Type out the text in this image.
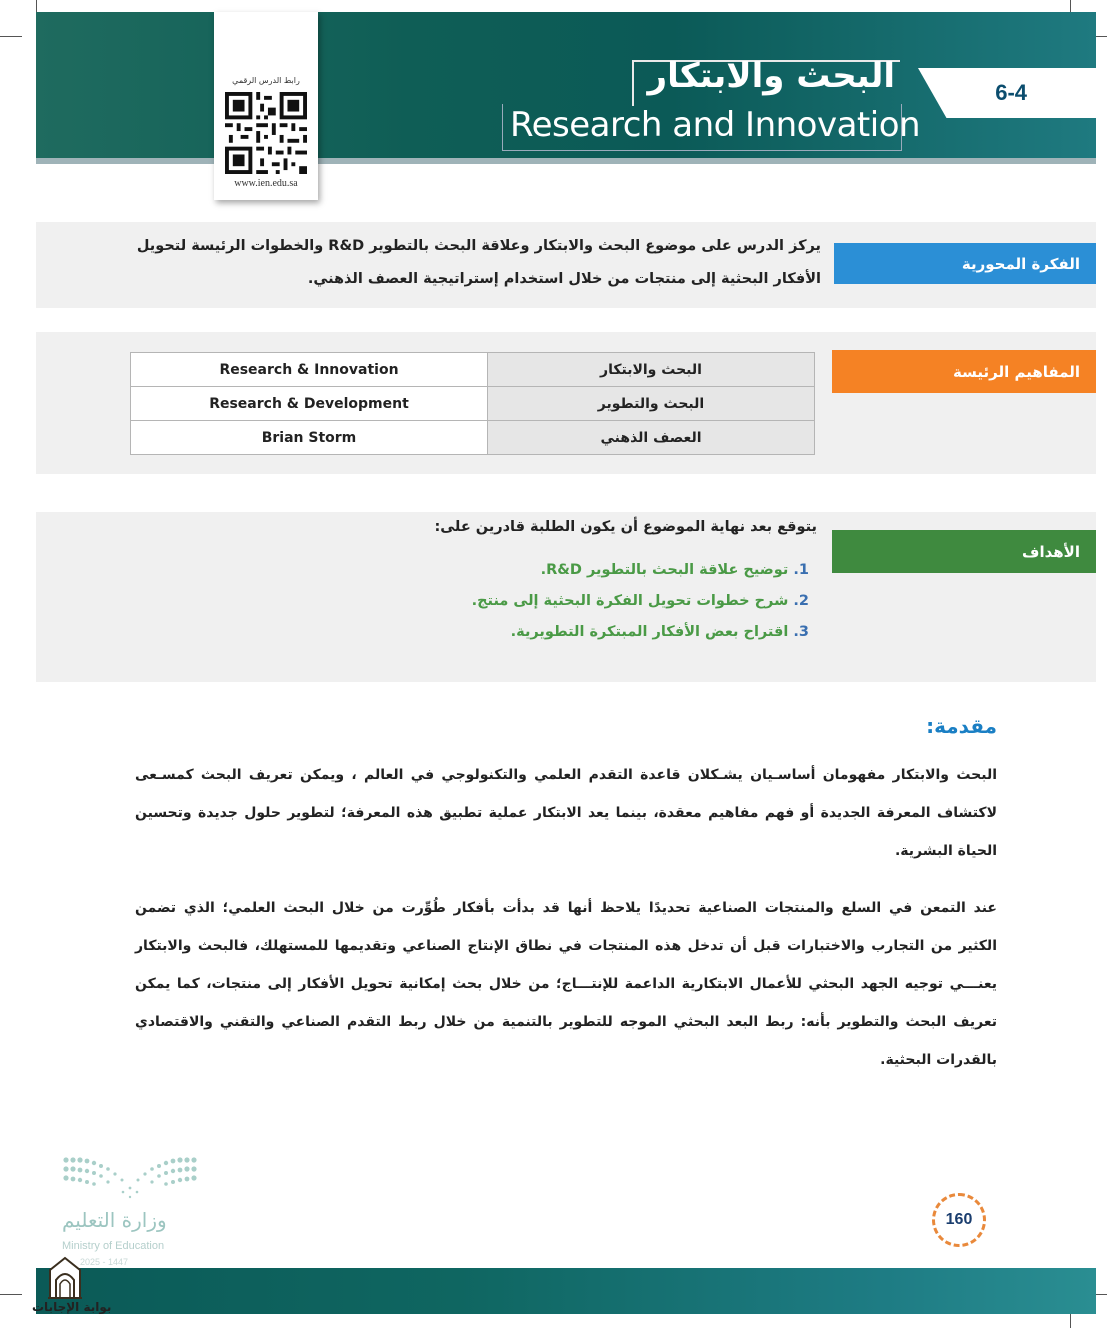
6-4
البحث والابتكار
Research and Innovation
رابط الدرس الرقمي
www.ien.edu.sa
الفكرة المحورية
يركز الدرس على موضوع البحث والابتكار وعلاقة البحث بالتطوير R&D والخطوات الرئيسة لتحويل
الأفكار البحثية إلى منتجات من خلال استخدام إستراتيجية العصف الذهني.
المفاهيم الرئيسة
Research & Innovation	البحث والابتكار
Research & Development	البحث والتطوير
Brian Storm	العصف الذهني
الأهداف
يتوقع بعد نهاية الموضوع أن يكون الطلبة قادرين على:
1. توضيح علاقة البحث بالتطوير R&D.
2. شرح خطوات تحويل الفكرة البحثية إلى منتج.
3. اقتراح بعض الأفكار المبتكرة التطويرية.
مقدمة:
البحث والابتكار مفهومان أساسـيان يشـكلان قاعدة التقدم العلمي والتكنولوجي في العالم ، ويمكن تعريف البحث كمسـعى
لاكتشاف المعرفة الجديدة أو فهم مفاهيم معقدة، بينما يعد الابتكار عملية تطبيق هذه المعرفة؛ لتطوير حلول جديدة وتحسين
الحياة البشرية.
عند التمعن في السلع والمنتجات الصناعية تحديدًا يلاحظ أنها قد بدأت بأفكار طُوِّرت من خلال البحث العلمي؛ الذي تضمن
الكثير من التجارب والاختبارات قبل أن تدخل هذه المنتجات في نطاق الإنتاج الصناعي وتقديمها للمستهلك، فالبحث والابتكار
يعنـــي توجيه الجهد البحثي للأعمال الابتكارية الداعمة للإنتـــاج؛ من خلال بحث إمكانية تحويل الأفكار إلى منتجات، كما يمكن
تعريف البحث والتطوير بأنه: ربط البعد البحثي الموجه للتطوير بالتنمية من خلال ربط التقدم الصناعي والتقني والاقتصادي
بالقدرات البحثية.
وزارة التعليم
Ministry of Education
2025 - 1447
160
بوابة الإجابات
